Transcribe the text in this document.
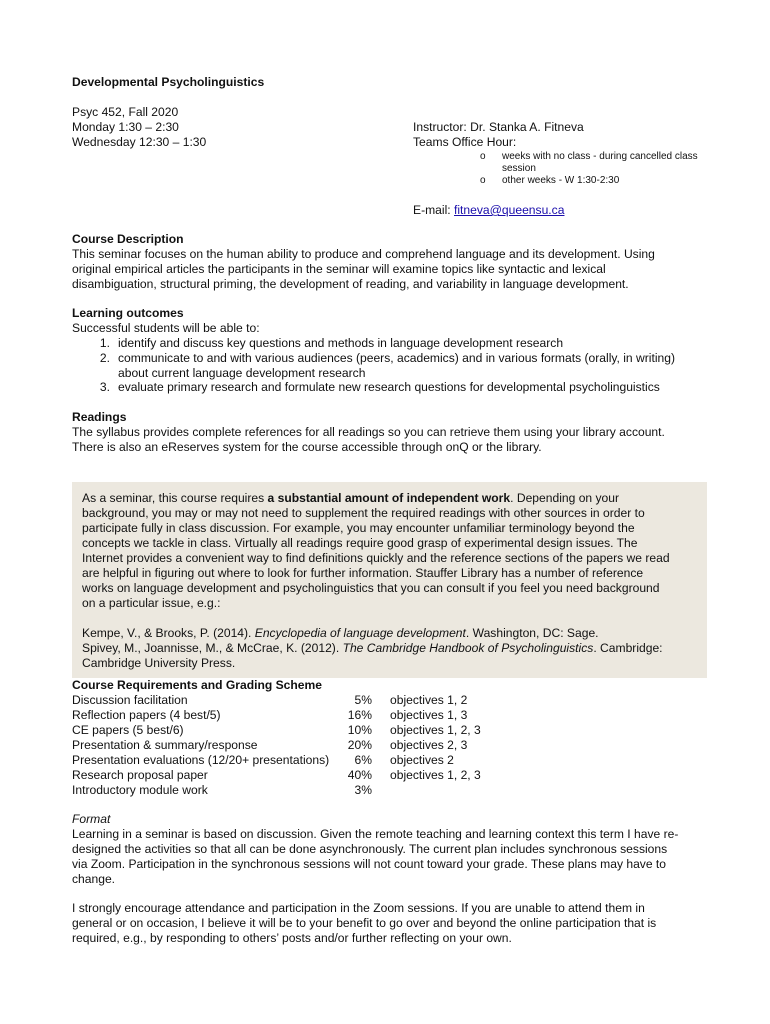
Developmental Psycholinguistics
Psyc 452, Fall 2020
Monday 1:30 – 2:30
Wednesday 12:30 – 1:30
Instructor: Dr. Stanka A. Fitneva
Teams Office Hour:
o	weeks with no class - during cancelled class
session
o	other weeks - W 1:30-2:30
E-mail: fitneva@queensu.ca
Course Description
This seminar focuses on the human ability to produce and comprehend language and its development. Using
original empirical articles the participants in the seminar will examine topics like syntactic and lexical
disambiguation, structural priming, the development of reading, and variability in language development.
Learning outcomes
Successful students will be able to:
1. identify and discuss key questions and methods in language development research
2. communicate to and with various audiences (peers, academics) and in various formats (orally, in writing)
about current language development research
3. evaluate primary research and formulate new research questions for developmental psycholinguistics
Readings
The syllabus provides complete references for all readings so you can retrieve them using your library account.
There is also an eReserves system for the course accessible through onQ or the library.
As a seminar, this course requires a substantial amount of independent work. Depending on your
background, you may or may not need to supplement the required readings with other sources in order to
participate fully in class discussion. For example, you may encounter unfamiliar terminology beyond the
concepts we tackle in class. Virtually all readings require good grasp of experimental design issues. The
Internet provides a convenient way to find definitions quickly and the reference sections of the papers we read
are helpful in figuring out where to look for further information. Stauffer Library has a number of reference
works on language development and psycholinguistics that you can consult if you feel you need background
on a particular issue, e.g.:
Kempe, V., & Brooks, P. (2014). Encyclopedia of language development. Washington, DC: Sage.
Spivey, M., Joannisse, M., & McCrae, K. (2012). The Cambridge Handbook of Psycholinguistics. Cambridge:
Cambridge University Press.
Course Requirements and Grading Scheme
Discussion facilitation	5% objectives 1, 2
Reflection papers (4 best/5)	16% objectives 1, 3
CE papers (5 best/6)	10% objectives 1, 2, 3
Presentation & summary/response	20% objectives 2, 3
Presentation evaluations (12/20+ presentations)	6% objectives 2
Research proposal paper	40% objectives 1, 2, 3
Introductory module work	3%
Format
Learning in a seminar is based on discussion. Given the remote teaching and learning context this term I have re-
designed the activities so that all can be done asynchronously. The current plan includes synchronous sessions
via Zoom. Participation in the synchronous sessions will not count toward your grade. These plans may have to
change.
I strongly encourage attendance and participation in the Zoom sessions. If you are unable to attend them in
general or on occasion, I believe it will be to your benefit to go over and beyond the online participation that is
required, e.g., by responding to others’ posts and/or further reflecting on your own.
